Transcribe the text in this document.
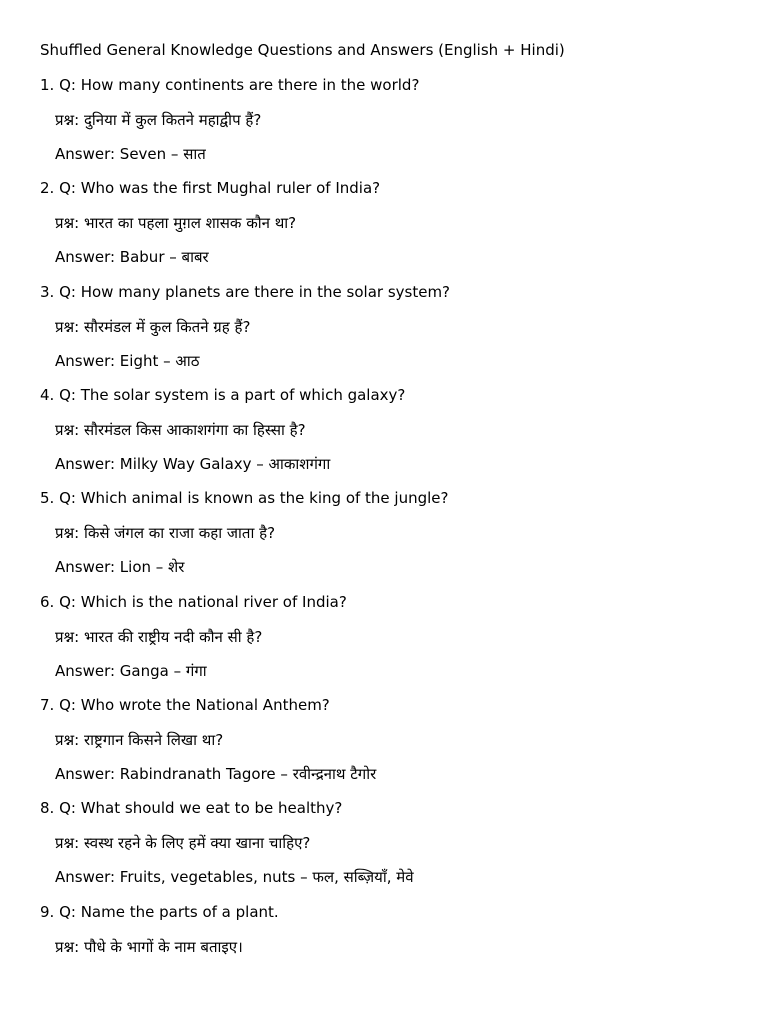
Shuffled General Knowledge Questions and Answers (English + Hindi)
1. Q: How many continents are there in the world?
प्रश्न: दुनिया में कुल कितने महाद्वीप हैं?
Answer: Seven – सात
2. Q: Who was the first Mughal ruler of India?
प्रश्न: भारत का पहला मुग़ल शासक कौन था?
Answer: Babur – बाबर
3. Q: How many planets are there in the solar system?
प्रश्न: सौरमंडल में कुल कितने ग्रह हैं?
Answer: Eight – आठ
4. Q: The solar system is a part of which galaxy?
प्रश्न: सौरमंडल किस आकाशगंगा का हिस्सा है?
Answer: Milky Way Galaxy – आकाशगंगा
5. Q: Which animal is known as the king of the jungle?
प्रश्न: किसे जंगल का राजा कहा जाता है?
Answer: Lion – शेर
6. Q: Which is the national river of India?
प्रश्न: भारत की राष्ट्रीय नदी कौन सी है?
Answer: Ganga – गंगा
7. Q: Who wrote the National Anthem?
प्रश्न: राष्ट्रगान किसने लिखा था?
Answer: Rabindranath Tagore – रवीन्द्रनाथ टैगोर
8. Q: What should we eat to be healthy?
प्रश्न: स्वस्थ रहने के लिए हमें क्या खाना चाहिए?
Answer: Fruits, vegetables, nuts – फल, सब्ज़ियाँ, मेवे
9. Q: Name the parts of a plant.
प्रश्न: पौधे के भागों के नाम बताइए।
